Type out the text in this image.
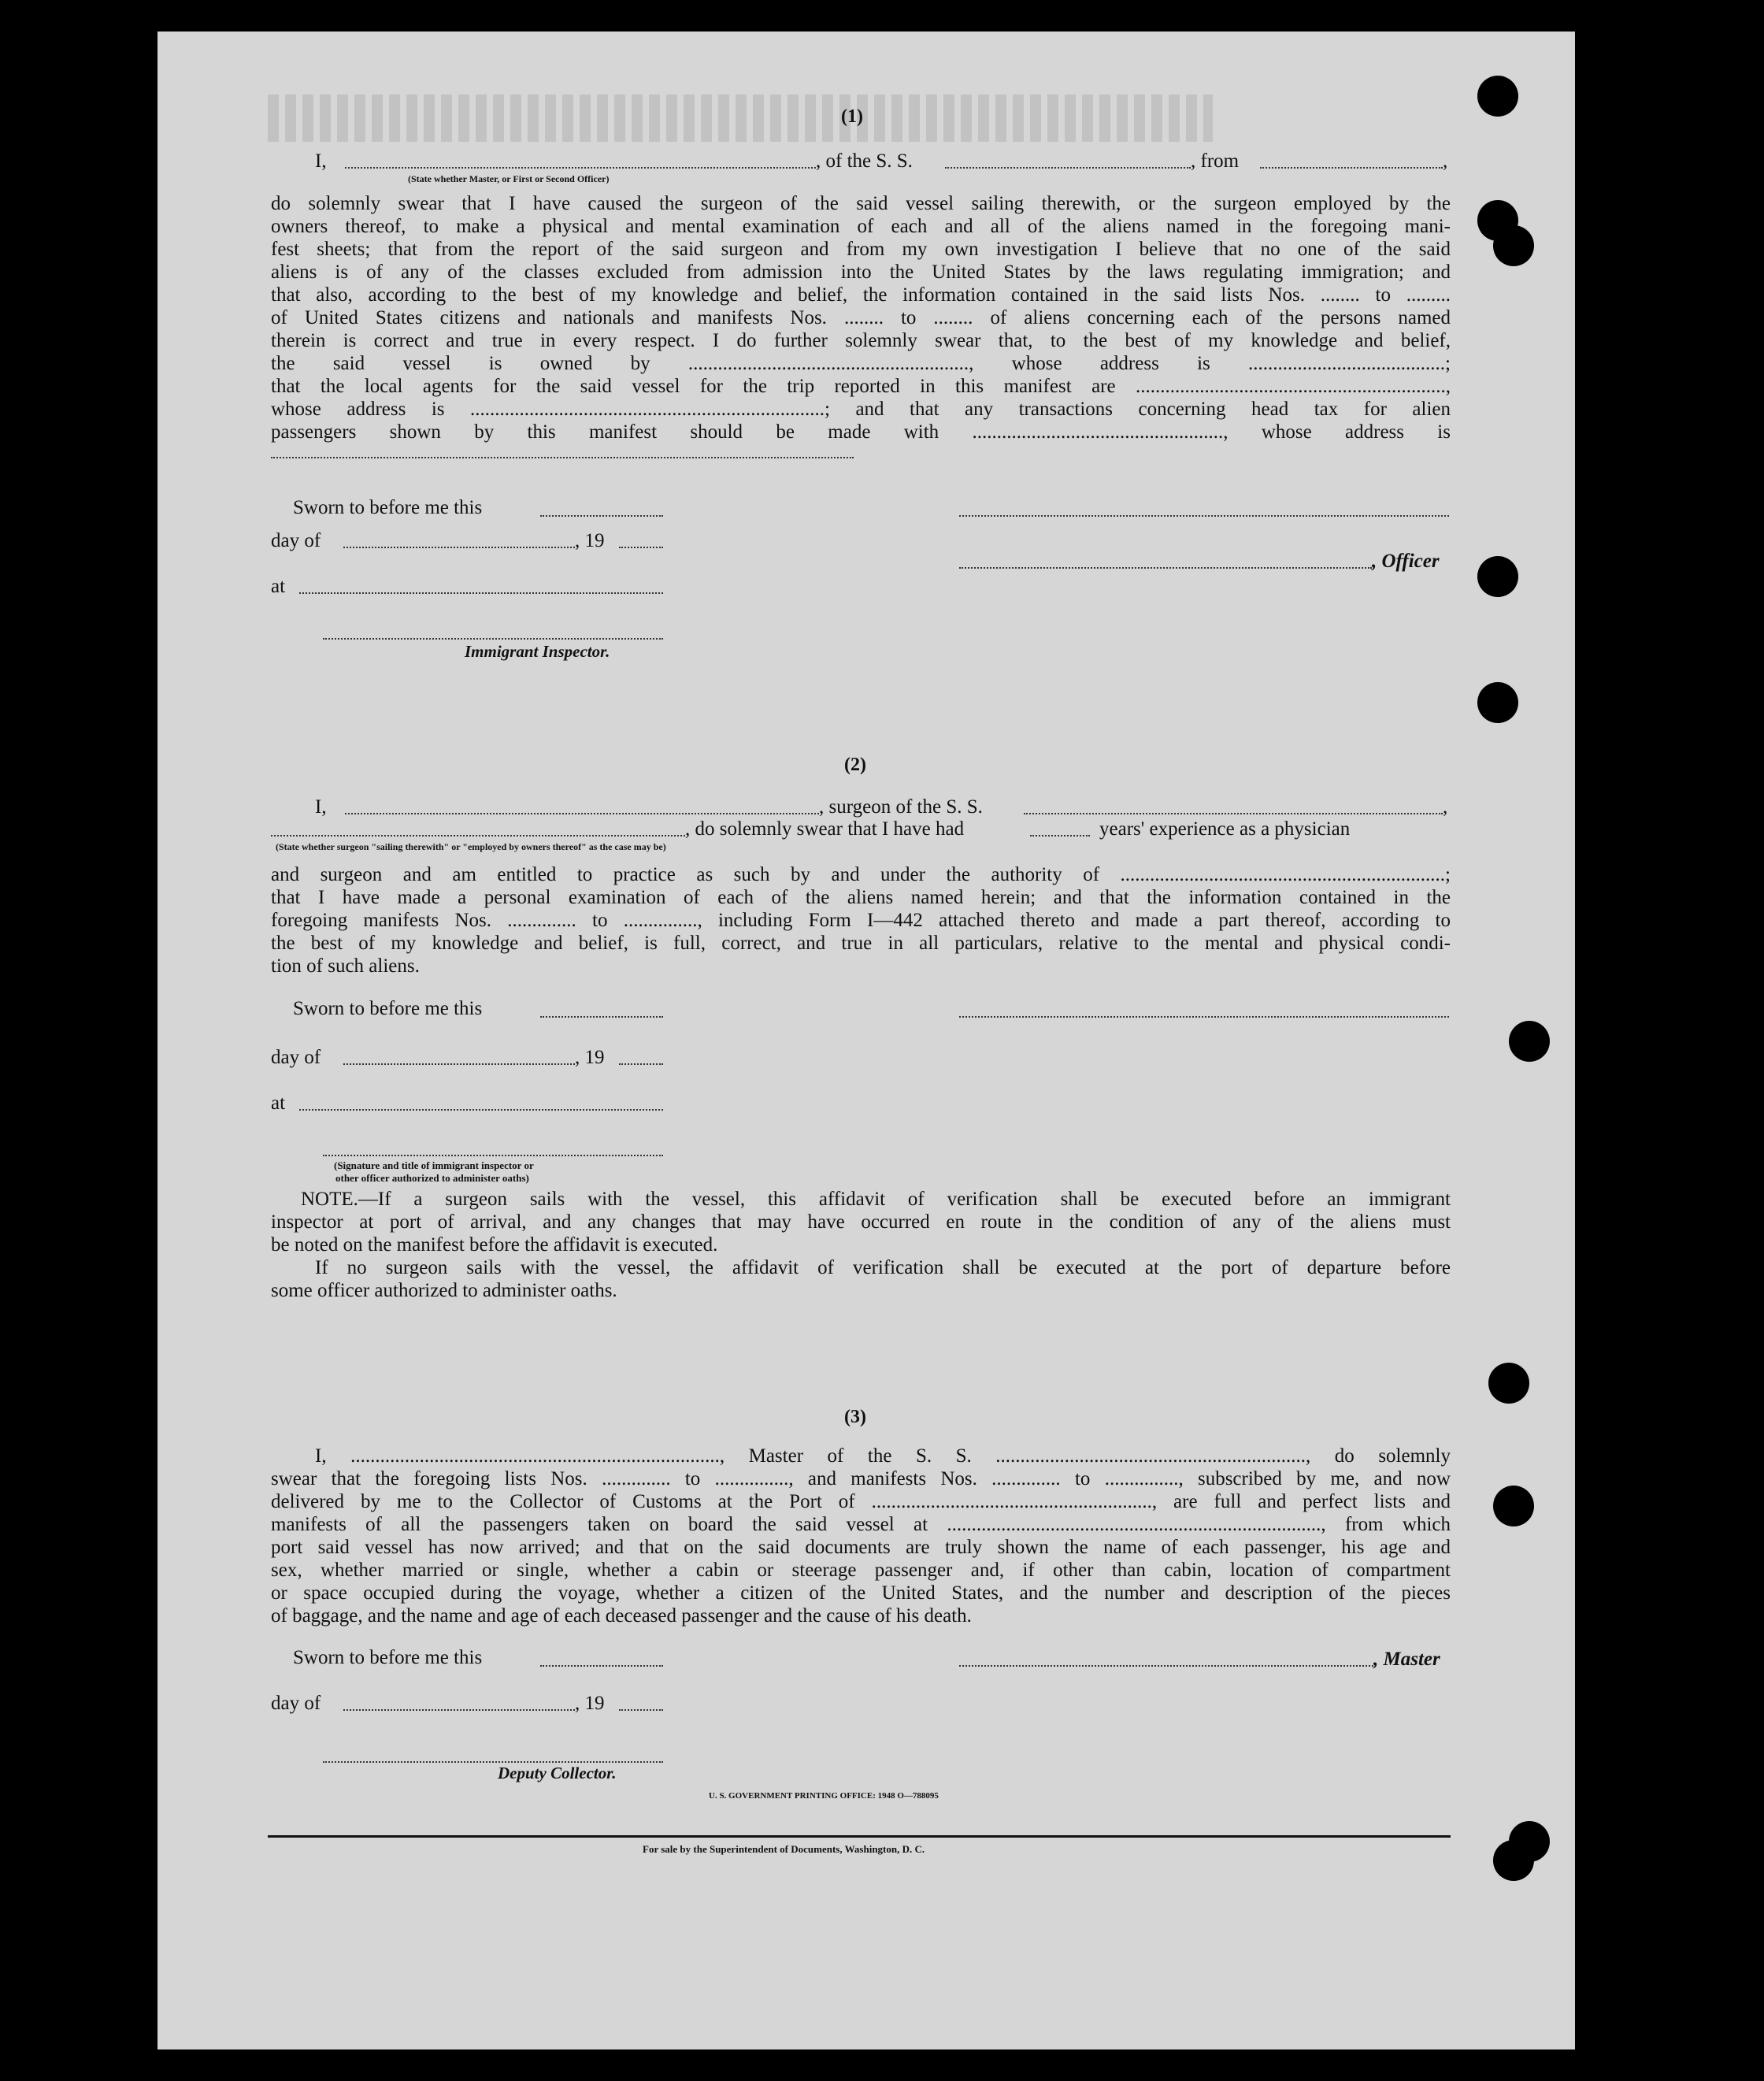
(1)
I,
(State whether Master, or First or Second Officer)
, of the S. S.	, from	,
do solemnly swear that I have caused the surgeon of the said vessel sailing therewith, or the surgeon employed by the
owners thereof, to make a physical and mental examination of each and all of the aliens named in the foregoing mani-
fest sheets; that from the report of the said surgeon and from my own investigation I believe that no one of the said
aliens is of any of the classes excluded from admission into the United States by the laws regulating immigration; and
that also, according to the best of my knowledge and belief, the information contained in the said lists Nos. ........ to .........
of United States citizens and nationals and manifests Nos. ........ to ........ of aliens concerning each of the persons named
therein is correct and true in every respect. I do further solemnly swear that, to the best of my knowledge and belief,
the said vessel is owned by ........................................................., whose address is ........................................;
that the local agents for the said vessel for the trip reported in this manifest are ...............................................................,
whose address is ........................................................................; and that any transactions concerning head tax for alien
passengers shown by this manifest should be made with ..................................................., whose address is
Sworn to before me this
day of	, 19
, Officer
at
Immigrant Inspector.
(2)
I,	, surgeon of the S. S.	,
, do solemnly swear that I have had	years' experience as a physician
(State whether surgeon "sailing therewith" or "employed by owners thereof" as the case may be)
and surgeon and am entitled to practice as such by and under the authority of ..................................................................;
that I have made a personal examination of each of the aliens named herein; and that the information contained in the
foregoing manifests Nos. .............. to ..............., including Form I—442 attached thereto and made a part thereof, according to
the best of my knowledge and belief, is full, correct, and true in all particulars, relative to the mental and physical condi-
tion of such aliens.
Sworn to before me this
day of	, 19
at
(Signature and title of immigrant inspector or
other officer authorized to administer oaths)
NOTE.—If a surgeon sails with the vessel, this affidavit of verification shall be executed before an immigrant
inspector at port of arrival, and any changes that may have occurred en route in the condition of any of the aliens must
be noted on the manifest before the affidavit is executed.
If no surgeon sails with the vessel, the affidavit of verification shall be executed at the port of departure before
some officer authorized to administer oaths.
(3)
I, ..........................................................................., Master of the S. S. ..............................................................., do solemnly
swear that the foregoing lists Nos. .............. to ..............., and manifests Nos. .............. to ..............., subscribed by me, and now
delivered by me to the Collector of Customs at the Port of ........................................................., are full and perfect lists and
manifests of all the passengers taken on board the said vessel at ............................................................................, from which
port said vessel has now arrived; and that on the said documents are truly shown the name of each passenger, his age and
sex, whether married or single, whether a cabin or steerage passenger and, if other than cabin, location of compartment
or space occupied during the voyage, whether a citizen of the United States, and the number and description of the pieces
of baggage, and the name and age of each deceased passenger and the cause of his death.
Sworn to before me this	, Master
day of	, 19
Deputy Collector.
U. S. GOVERNMENT PRINTING OFFICE: 1948 O—788095
For sale by the Superintendent of Documents, Washington, D. C.
